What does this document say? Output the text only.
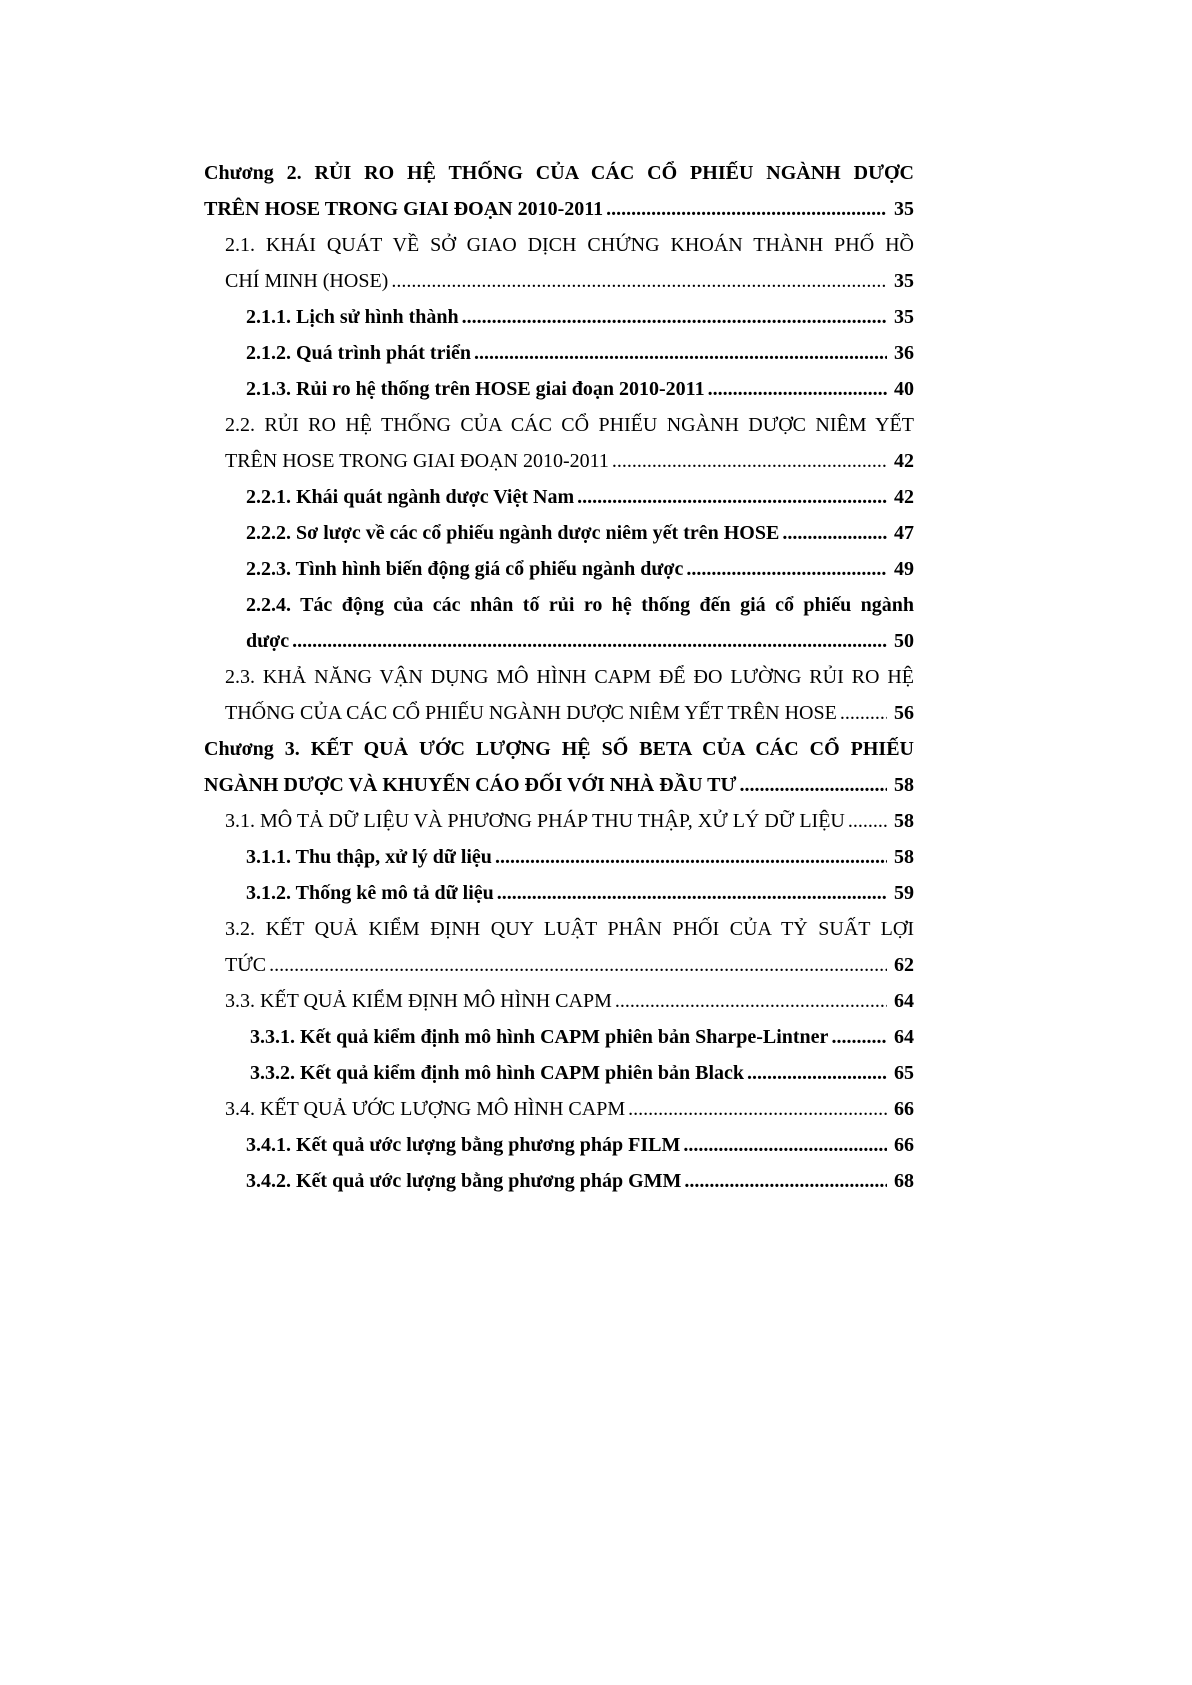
Chương 2. RỦI RO HỆ THỐNG CỦA CÁC CỔ PHIẾU NGÀNH DƯỢC
TRÊN HOSE TRONG GIAI ĐOẠN 2010-2011 .....	35
2.1. KHÁI QUÁT VỀ SỞ GIAO DỊCH CHỨNG KHOÁN THÀNH PHỐ HỒ
CHÍ MINH (HOSE) .....	35
2.1.1. Lịch sử hình thành .....	35
2.1.2. Quá trình phát triển .....	36
2.1.3. Rủi ro hệ thống trên HOSE giai đoạn 2010-2011 .....	40
2.2. RỦI RO HỆ THỐNG CỦA CÁC CỔ PHIẾU NGÀNH DƯỢC NIÊM YẾT
TRÊN HOSE TRONG GIAI ĐOẠN 2010-2011 .....	42
2.2.1. Khái quát ngành dược Việt Nam .....	42
2.2.2. Sơ lược về các cổ phiếu ngành dược niêm yết trên HOSE .....	47
2.2.3. Tình hình biến động giá cổ phiếu ngành dược .....	49
2.2.4. Tác động của các nhân tố rủi ro hệ thống đến giá cổ phiếu ngành
dược .....	50
2.3. KHẢ NĂNG VẬN DỤNG MÔ HÌNH CAPM ĐỂ ĐO LƯỜNG RỦI RO HỆ
THỐNG CỦA CÁC CỔ PHIẾU NGÀNH DƯỢC NIÊM YẾT TRÊN HOSE .....	56
Chương 3. KẾT QUẢ ƯỚC LƯỢNG HỆ SỐ BETA CỦA CÁC CỔ PHIẾU
NGÀNH DƯỢC VÀ KHUYẾN CÁO ĐỐI VỚI NHÀ ĐẦU TƯ .....	58
3.1. MÔ TẢ DỮ LIỆU VÀ PHƯƠNG PHÁP THU THẬP, XỬ LÝ DỮ LIỆU ..... 58
3.1.1. Thu thập, xử lý dữ liệu .....	58
3.1.2. Thống kê mô tả dữ liệu .....	59
3.2. KẾT QUẢ KIỂM ĐỊNH QUY LUẬT PHÂN PHỐI CỦA TỶ SUẤT LỢI
TỨC .....	62
3.3. KẾT QUẢ KIỂM ĐỊNH MÔ HÌNH CAPM .....	64
3.3.1. Kết quả kiểm định mô hình CAPM phiên bản Sharpe-Lintner .....	64
3.3.2. Kết quả kiểm định mô hình CAPM phiên bản Black .....	65
3.4. KẾT QUẢ ƯỚC LƯỢNG MÔ HÌNH CAPM .....	66
3.4.1. Kết quả ước lượng bằng phương pháp FILM .....	66
3.4.2. Kết quả ước lượng bằng phương pháp GMM .....	68
